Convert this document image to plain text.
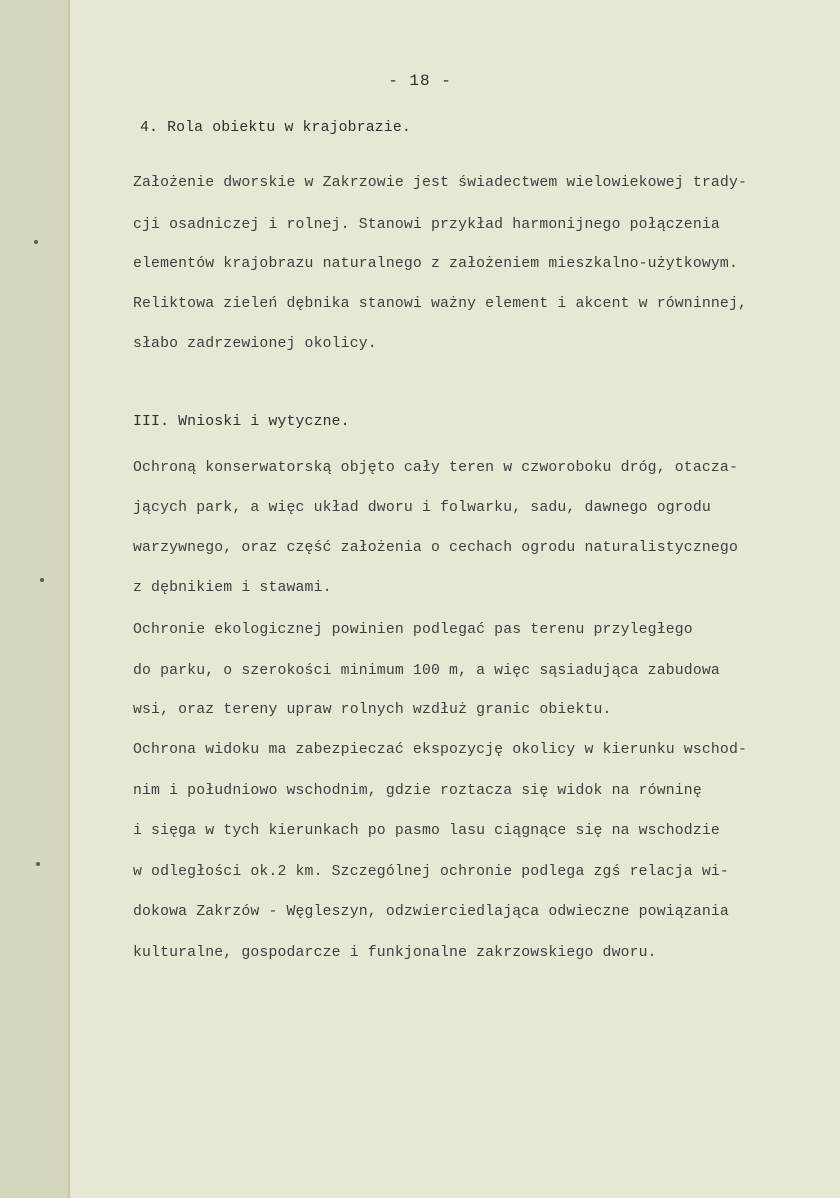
- 18 -
4. Rola obiektu w krajobrazie.
Założenie dworskie w Zakrzowie jest świadectwem wielowiekowej trady-
cji osadniczej i rolnej. Stanowi przykład harmonijnego połączenia
elementów krajobrazu naturalnego z założeniem mieszkalno-użytkowym.
Reliktowa zieleń dębnika stanowi ważny element i akcent w równinnej,
słabo zadrzewionej okolicy.
III. Wnioski i wytyczne.
Ochroną konserwatorską objęto cały teren w czworoboku dróg, otacza-
jących park, a więc układ dworu i folwarku, sadu, dawnego ogrodu
warzywnego, oraz część założenia o cechach ogrodu naturalistycznego
z dębnikiem i stawami.
Ochronie ekologicznej powinien podlegać pas terenu przyległego
do parku, o szerokości minimum 100 m, a więc sąsiadująca zabudowa
wsi, oraz tereny upraw rolnych wzdłuż granic obiektu.
Ochrona widoku ma zabezpieczać ekspozycję okolicy w kierunku wschod-
nim i południowo wschodnim, gdzie roztacza się widok na równinę
i sięga w tych kierunkach po pasmo lasu ciągnące się na wschodzie
w odległości ok.2 km. Szczególnej ochronie podlega zgś relacja wi-
dokowa Zakrzów - Węgleszyn, odzwierciedlająca odwieczne powiązania
kulturalne, gospodarcze i funkjonalne zakrzowskiego dworu.
